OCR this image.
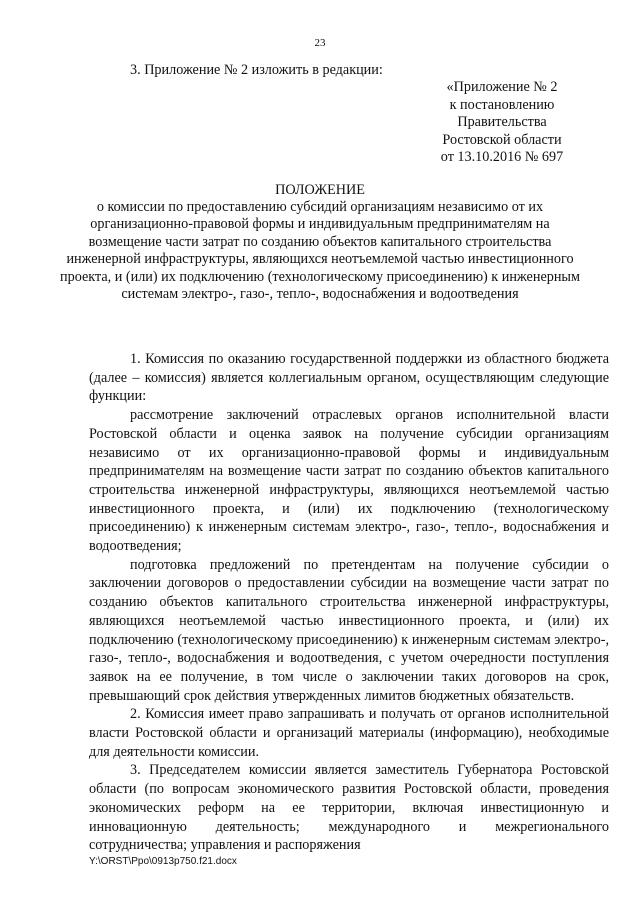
23
3. Приложение № 2 изложить в редакции:
«Приложение № 2
к постановлению
Правительства
Ростовской области
от 13.10.2016 № 697
ПОЛОЖЕНИЕ
о комиссии по предоставлению субсидий организациям независимо от их организационно-правовой формы и индивидуальным предпринимателям на возмещение части затрат по созданию объектов капитального строительства инженерной инфраструктуры, являющихся неотъемлемой частью инвестиционного проекта, и (или) их подключению (технологическому присоединению) к инженерным системам электро-, газо-, тепло-, водоснабжения и водоотведения

1. Комиссия по оказанию государственной поддержки из областного бюджета (далее – комиссия) является коллегиальным органом, осуществляющим следующие функции:

рассмотрение заключений отраслевых органов исполнительной власти Ростовской области и оценка заявок на получение субсидии организациям независимо от их организационно-правовой формы и индивидуальным предпринимателям на возмещение части затрат по созданию объектов капитального строительства инженерной инфраструктуры, являющихся неотъемлемой частью инвестиционного проекта, и (или) их подключению (технологическому присоединению) к инженерным системам электро-, газо-, тепло-, водоснабжения и водоотведения;

подготовка предложений по претендентам на получение субсидии о заключении договоров о предоставлении субсидии на возмещение части затрат по созданию объектов капитального строительства инженерной инфраструктуры, являющихся неотъемлемой частью инвестиционного проекта, и (или) их подключению (технологическому присоединению) к инженерным системам электро-, газо-, тепло-, водоснабжения и водоотведения, с учетом очередности поступления заявок на ее получение, в том числе о заключении таких договоров на срок, превышающий срок действия утвержденных лимитов бюджетных обязательств.

2. Комиссия имеет право запрашивать и получать от органов исполнительной власти Ростовской области и организаций материалы (информацию), необходимые для деятельности комиссии.

3. Председателем комиссии является заместитель Губернатора Ростовской области (по вопросам экономического развития Ростовской области, проведения экономических реформ на ее территории, включая инвестиционную и инновационную деятельность; международного и межрегионального сотрудничества; управления и распоряжения

Y:\ORST\Ppo\0913p750.f21.docx
